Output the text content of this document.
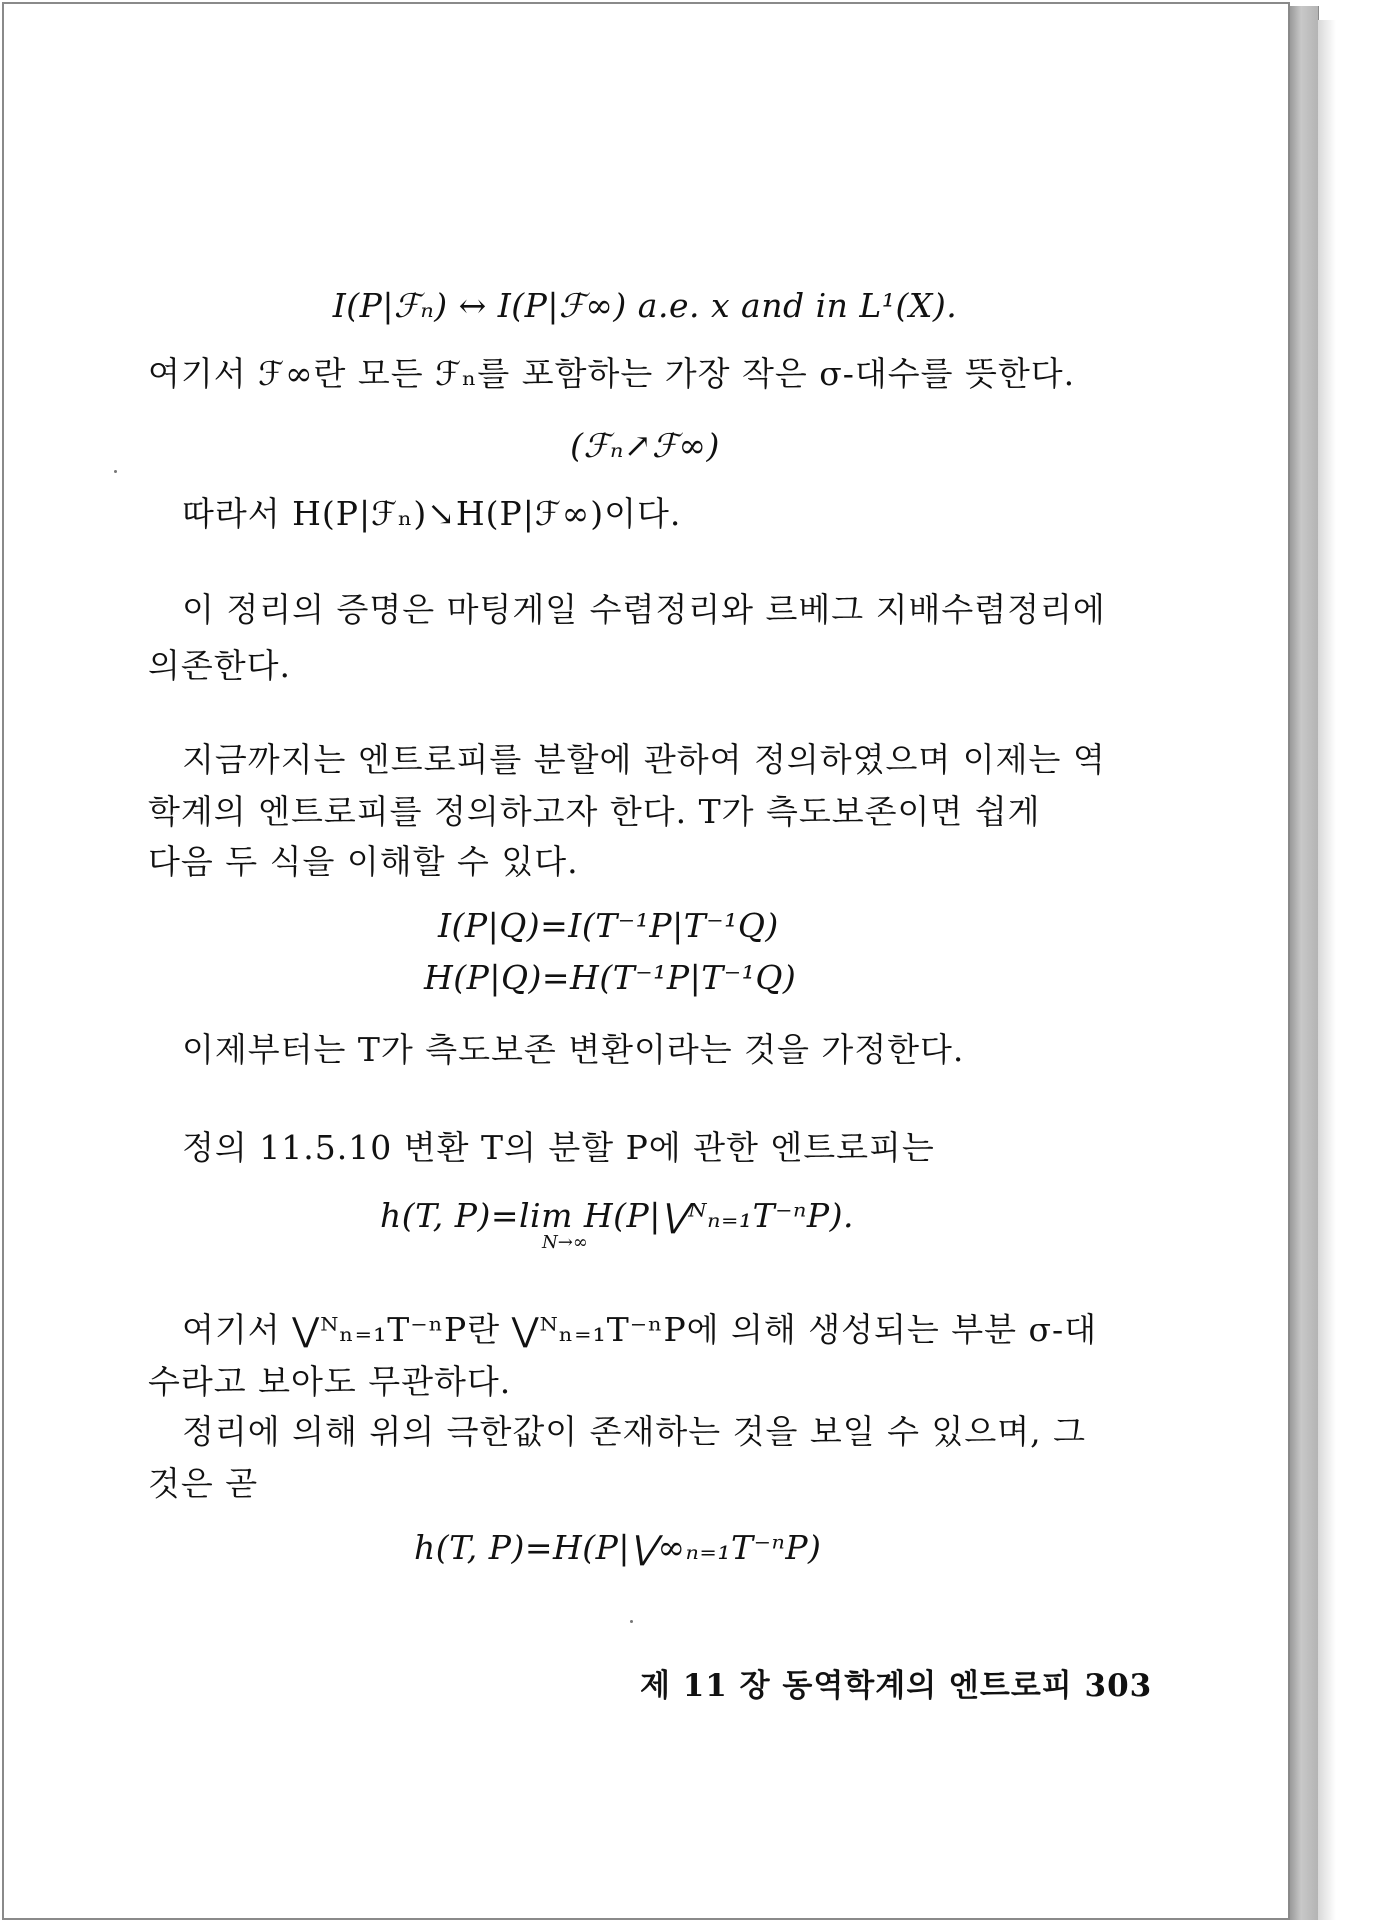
I(P|ℱₙ) ↔ I(P|ℱ∞) a.e. x and in L¹(X).
여기서 ℱ∞란 모든 ℱₙ를 포함하는 가장 작은 σ-대수를 뜻한다.
(ℱₙ↗ℱ∞)
따라서 H(P|ℱₙ)↘H(P|ℱ∞)이다.
이 정리의 증명은 마팅게일 수렴정리와 르베그 지배수렴정리에
의존한다.
지금까지는 엔트로피를 분할에 관하여 정의하였으며 이제는 역
학계의 엔트로피를 정의하고자 한다. T가 측도보존이면 쉽게
다음 두 식을 이해할 수 있다.
I(P|Q)=I(T⁻¹P|T⁻¹Q)
H(P|Q)=H(T⁻¹P|T⁻¹Q)
이제부터는 T가 측도보존 변환이라는 것을 가정한다.
정의 11.5.10 변환 T의 분할 P에 관한 엔트로피는
h(T, P)=lim H(P|⋁ᴺₙ₌₁T⁻ⁿP).
N→∞
여기서 ⋁ᴺₙ₌₁T⁻ⁿP란 ⋁ᴺₙ₌₁T⁻ⁿP에 의해 생성되는 부분 σ-대
수라고 보아도 무관하다.
정리에 의해 위의 극한값이 존재하는 것을 보일 수 있으며, 그
것은 곧
h(T, P)=H(P|⋁∞ₙ₌₁T⁻ⁿP)
제 11 장 동역학계의 엔트로피 303
